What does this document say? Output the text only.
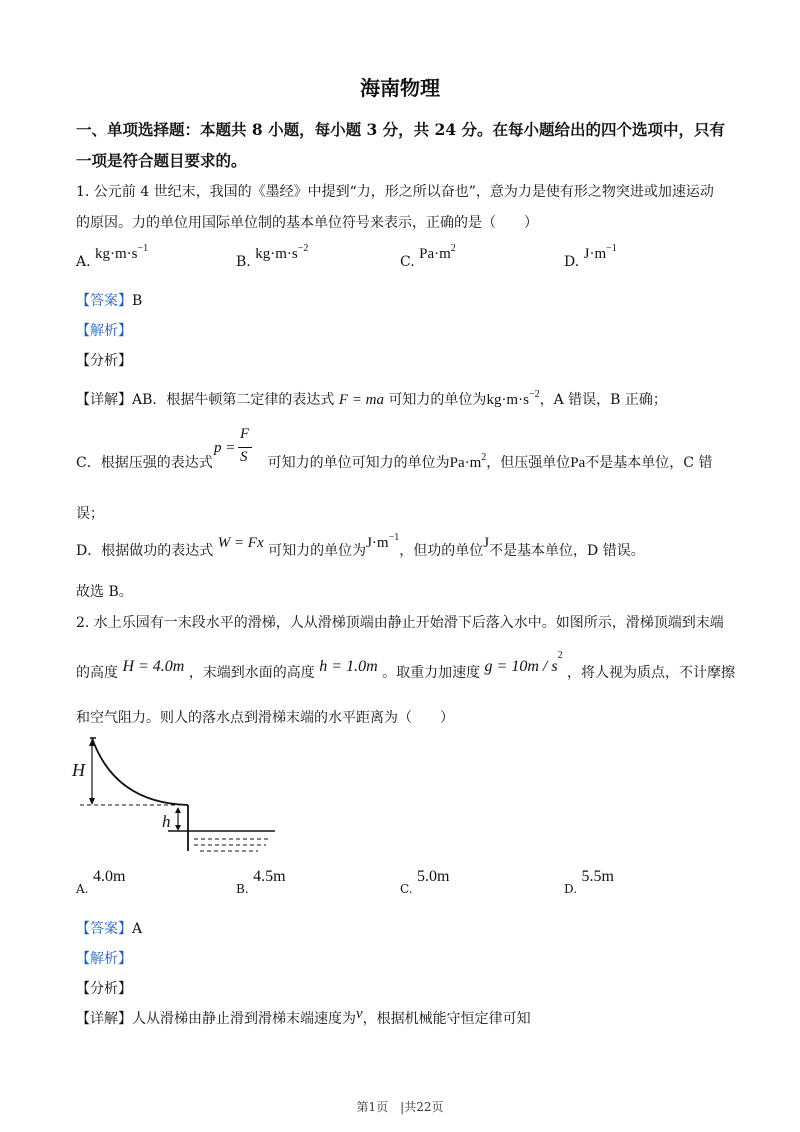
海南物理
一、单项选择题：本题共 8 小题，每小题 3 分，共 24 分。在每小题给出的四个选项中，只有
一项是符合题目要求的。
1. 公元前 4 世纪末，我国的《墨经》中提到“力，形之所以奋也”，意为力是使有形之物突进或加速运动
的原因。力的单位用国际单位制的基本单位符号来表示，正确的是（　　）
A. $kg\cdot m\cdot s^{-1}$
B. $kg\cdot m\cdot s^{-2}$
C. $Pa\cdot m^2$
D. $J\cdot m^{-1}$
【答案】B
【解析】
【分析】
【详解】AB．根据牛顿第二定律的表达式 F = ma 可知力的单位为$kg\cdot m\cdot s^{-2}$，A 错误，B 正确；
C．根据压强的表达式	可知力的单位可知力的单位为$Pa\cdot m^2$，但压强单位Pa不是基本单位，C 错
p =
F
S
误；
D．根据做功的表达式 W = Fx 可知力的单位为$J\cdot m^{-1}$，但功的单位J不是基本单位，D 错误。
故选 B。
2. 水上乐园有一末段水平的滑梯，人从滑梯顶端由静止开始滑下后落入水中。如图所示，滑梯顶端到末端
的高度 H = 4.0m ，末端到水面的高度 h = 1.0m 。取重力加速度 $g = 10m / s^2$ ，将人视为质点，不计摩擦
和空气阻力。则人的落水点到滑梯末端的水平距离为（　　）
H
h
A. 4.0m
B. 4.5m
C. 5.0m
D. 5.5m
【答案】A
【解析】
【分析】
【详解】人从滑梯由静止滑到滑梯末端速度为v，根据机械能守恒定律可知
第1页　|共22页
